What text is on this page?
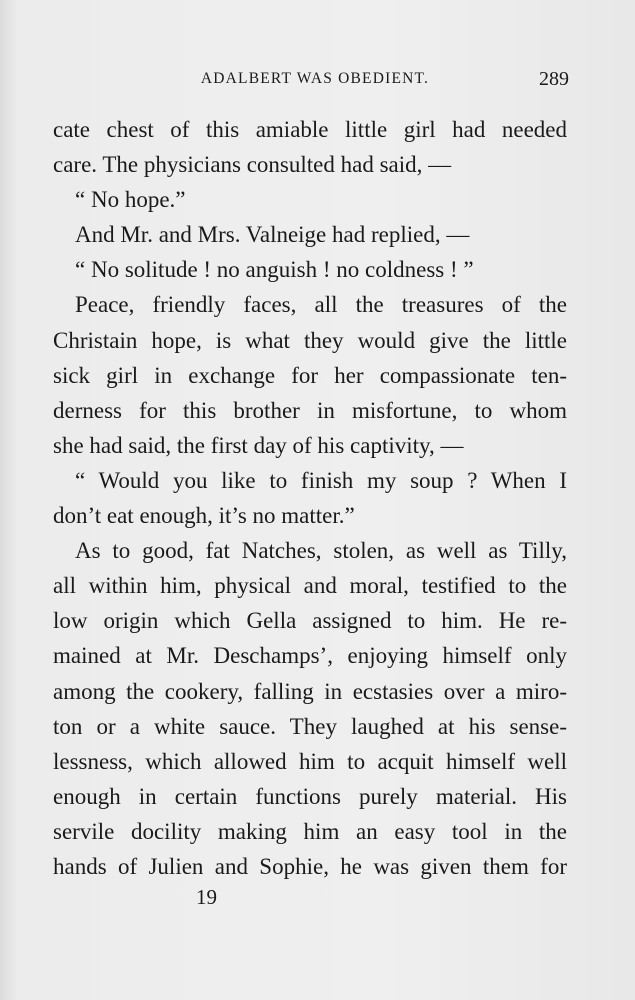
ADALBERT WAS OBEDIENT.	289
cate chest of this amiable little girl had needed
care. The physicians consulted had said, —
“ No hope.”
And Mr. and Mrs. Valneige had replied, —
“ No solitude ! no anguish ! no coldness ! ”
Peace, friendly faces, all the treasures of the
Christain hope, is what they would give the little
sick girl in exchange for her compassionate ten-
derness for this brother in misfortune, to whom
she had said, the first day of his captivity, —
“ Would you like to finish my soup ? When I
don’t eat enough, it’s no matter.”
As to good, fat Natches, stolen, as well as Tilly,
all within him, physical and moral, testified to the
low origin which Gella assigned to him. He re-
mained at Mr. Deschamps’, enjoying himself only
among the cookery, falling in ecstasies over a miro-
ton or a white sauce. They laughed at his sense-
lessness, which allowed him to acquit himself well
enough in certain functions purely material. His
servile docility making him an easy tool in the
hands of Julien and Sophie, he was given them for
19
